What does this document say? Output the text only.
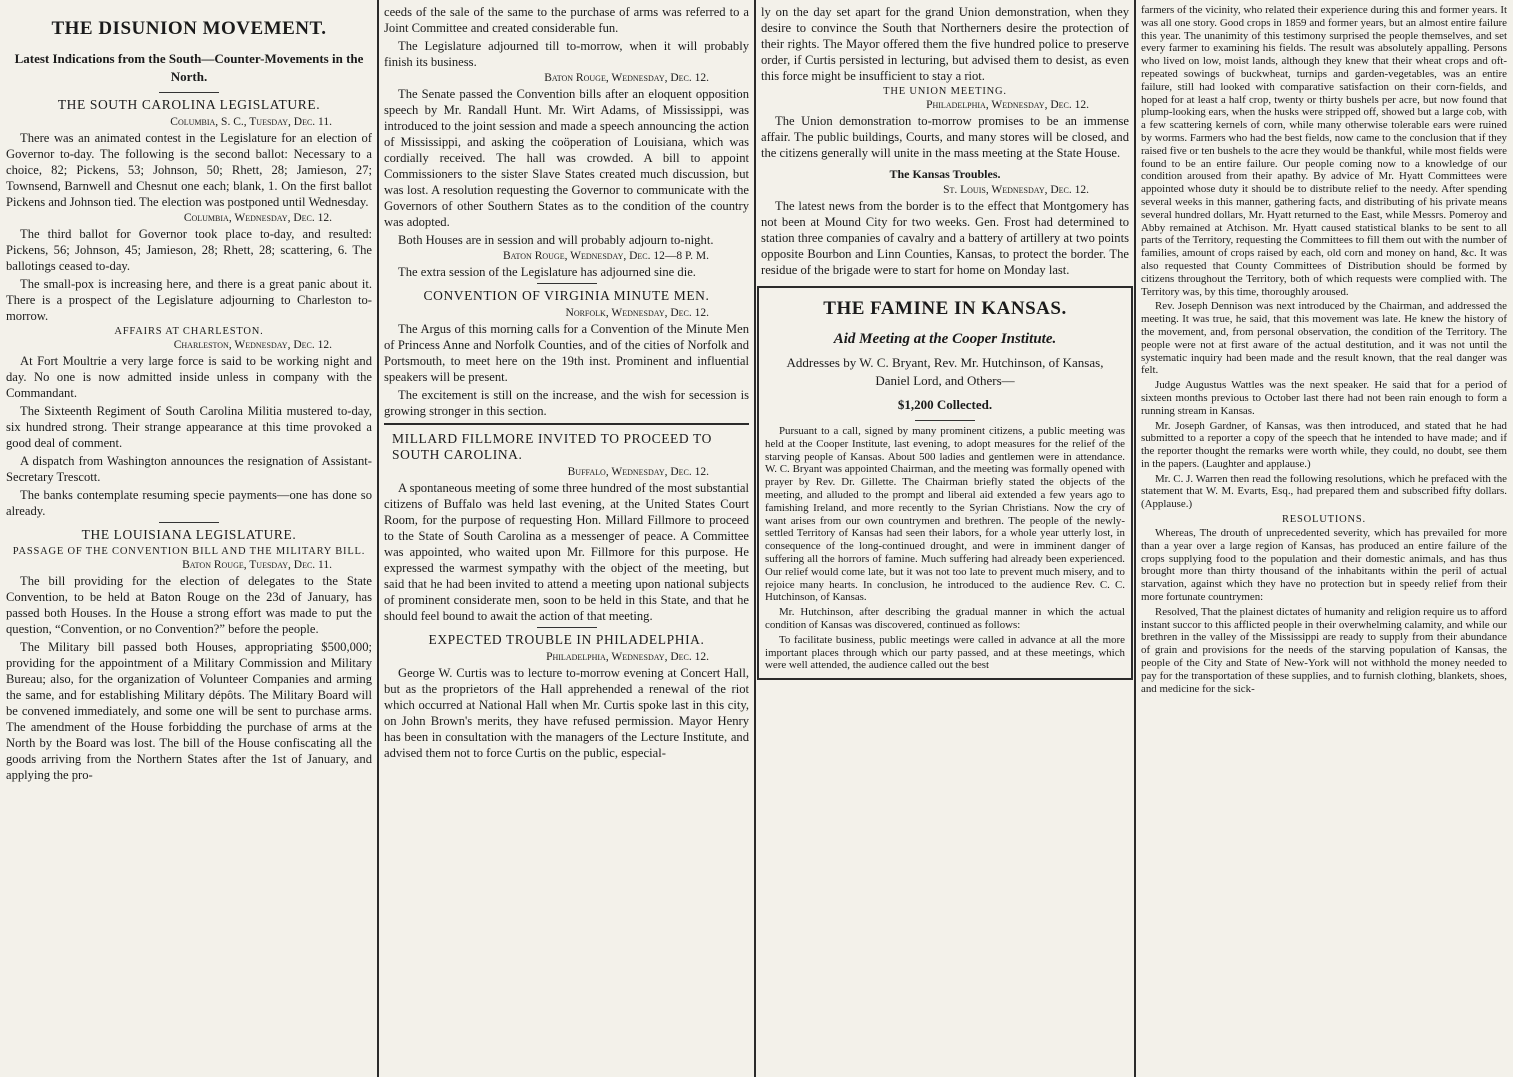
THE DISUNION MOVEMENT.
Latest Indications from the South—Counter-Movements in the North.
THE SOUTH CAROLINA LEGISLATURE.
Columbia, S. C., Tuesday, Dec. 11.

There was an animated contest in the Legislature for an election of Governor to-day. The following is the second ballot: Necessary to a choice, 82; Pickens, 53; Johnson, 50; Rhett, 28; Jamieson, 27; Townsend, Barnwell and Chesnut one each; blank, 1. On the first ballot Pickens and Johnson tied. The election was postponed until Wednesday.

Columbia, Wednesday, Dec. 12.

The third ballot for Governor took place to-day, and resulted: Pickens, 56; Johnson, 45; Jamieson, 28; Rhett, 28; scattering, 6. The ballotings ceased to-day.

The small-pox is increasing here, and there is a great panic about it. There is a prospect of the Legislature adjourning to Charleston to-morrow.

AFFAIRS AT CHARLESTON.
Charleston, Wednesday, Dec. 12.

At Fort Moultrie a very large force is said to be working night and day. No one is now admitted inside unless in company with the Commandant.

The Sixteenth Regiment of South Carolina Militia mustered to-day, six hundred strong. Their strange appearance at this time provoked a good deal of comment.

A dispatch from Washington announces the resignation of Assistant-Secretary Trescott.

The banks contemplate resuming specie payments—one has done so already.

THE LOUISIANA LEGISLATURE.
PASSAGE OF THE CONVENTION BILL AND THE MILITARY BILL.
Baton Rouge, Tuesday, Dec. 11.

The bill providing for the election of delegates to the State Convention, to be held at Baton Rouge on the 23d of January, has passed both Houses. In the House a strong effort was made to put the question, “Convention, or no Convention?” before the people.

The Military bill passed both Houses, appropriating $500,000; providing for the appointment of a Military Commission and Military Bureau; also, for the organization of Volunteer Companies and arming the same, and for establishing Military dépôts. The Military Board will be convened immediately, and some one will be sent to purchase arms. The amendment of the House forbidding the purchase of arms at the North by the Board was lost. The bill of the House confiscating all the goods arriving from the Northern States after the 1st of January, and applying the pro-

ceeds of the sale of the same to the purchase of arms was referred to a Joint Committee and created considerable fun.

The Legislature adjourned till to-morrow, when it will probably finish its business.

Baton Rouge, Wednesday, Dec. 12.

The Senate passed the Convention bills after an eloquent opposition speech by Mr. Randall Hunt. Mr. Wirt Adams, of Mississippi, was introduced to the joint session and made a speech announcing the action of Mississippi, and asking the coöperation of Louisiana, which was cordially received. The hall was crowded. A bill to appoint Commissioners to the sister Slave States created much discussion, but was lost. A resolution requesting the Governor to communicate with the Governors of other Southern States as to the condition of the country was adopted.

Both Houses are in session and will probably adjourn to-night.

Baton Rouge, Wednesday, Dec. 12—8 P. M.

The extra session of the Legislature has adjourned sine die.

CONVENTION OF VIRGINIA MINUTE MEN.
Norfolk, Wednesday, Dec. 12.

The Argus of this morning calls for a Convention of the Minute Men of Princess Anne and Norfolk Counties, and of the cities of Norfolk and Portsmouth, to meet here on the 19th inst. Prominent and influential speakers will be present.

The excitement is still on the increase, and the wish for secession is growing stronger in this section.

MILLARD FILLMORE INVITED TO PROCEED TO SOUTH CAROLINA.
Buffalo, Wednesday, Dec. 12.

A spontaneous meeting of some three hundred of the most substantial citizens of Buffalo was held last evening, at the United States Court Room, for the purpose of requesting Hon. Millard Fillmore to proceed to the State of South Carolina as a messenger of peace. A Committee was appointed, who waited upon Mr. Fillmore for this purpose. He expressed the warmest sympathy with the object of the meeting, but said that he had been invited to attend a meeting upon national subjects of prominent considerate men, soon to be held in this State, and that he should feel bound to await the action of that meeting.

EXPECTED TROUBLE IN PHILADELPHIA.
Philadelphia, Wednesday, Dec. 12.

George W. Curtis was to lecture to-morrow evening at Concert Hall, but as the proprietors of the Hall apprehended a renewal of the riot which occurred at National Hall when Mr. Curtis spoke last in this city, on John Brown's merits, they have refused permission. Mayor Henry has been in consultation with the managers of the Lecture Institute, and advised them not to force Curtis on the public, especial-

ly on the day set apart for the grand Union demonstration, when they desire to convince the South that Northerners desire the protection of their rights. The Mayor offered them the five hundred police to preserve order, if Curtis persisted in lecturing, but advised them to desist, as even this force might be insufficient to stay a riot.

THE UNION MEETING.
Philadelphia, Wednesday, Dec. 12.

The Union demonstration to-morrow promises to be an immense affair. The public buildings, Courts, and many stores will be closed, and the citizens generally will unite in the mass meeting at the State House.

The Kansas Troubles.
St. Louis, Wednesday, Dec. 12.

The latest news from the border is to the effect that Montgomery has not been at Mound City for two weeks. Gen. Frost had determined to station three companies of cavalry and a battery of artillery at two points opposite Bourbon and Linn Counties, Kansas, to protect the border. The residue of the brigade were to start for home on Monday last.

THE FAMINE IN KANSAS.
Aid Meeting at the Cooper Institute.
Addresses by W. C. Bryant, Rev. Mr. Hutchinson, of Kansas, Daniel Lord, and Others—
$1,200 Collected.

Pursuant to a call, signed by many prominent citizens, a public meeting was held at the Cooper Institute, last evening, to adopt measures for the relief of the starving people of Kansas. About 500 ladies and gentlemen were in attendance. W. C. Bryant was appointed Chairman, and the meeting was formally opened with prayer by Rev. Dr. Gillette. The Chairman briefly stated the objects of the meeting, and alluded to the prompt and liberal aid extended a few years ago to famishing Ireland, and more recently to the Syrian Christians. Now the cry of want arises from our own countrymen and brethren. The people of the newly-settled Territory of Kansas had seen their labors, for a whole year utterly lost, in consequence of the long-continued drought, and were in imminent danger of suffering all the horrors of famine. Much suffering had already been experienced. Our relief would come late, but it was not too late to prevent much misery, and to rejoice many hearts. In conclusion, he introduced to the audience Rev. C. C. Hutchinson, of Kansas.

Mr. Hutchinson, after describing the gradual manner in which the actual condition of Kansas was discovered, continued as follows:

To facilitate business, public meetings were called in advance at all the more important places through which our party passed, and at these meetings, which were well attended, the audience called out the best

farmers of the vicinity, who related their experience during this and former years. It was all one story. Good crops in 1859 and former years, but an almost entire failure this year. The unanimity of this testimony surprised the people themselves, and set every farmer to examining his fields. The result was absolutely appalling. Persons who lived on low, moist lands, although they knew that their wheat crops and oft-repeated sowings of buckwheat, turnips and garden-vegetables, was an entire failure, still had looked with comparative satisfaction on their corn-fields, and hoped for at least a half crop, twenty or thirty bushels per acre, but now found that plump-looking ears, when the husks were stripped off, showed but a large cob, with a few scattering kernels of corn, while many otherwise tolerable ears were ruined by worms. Farmers who had the best fields, now came to the conclusion that if they raised five or ten bushels to the acre they would be thankful, while most fields were found to be an entire failure. Our people coming now to a knowledge of our condition aroused from their apathy. By advice of Mr. Hyatt Committees were appointed whose duty it should be to distribute relief to the needy. After spending several weeks in this manner, gathering facts, and distributing of his private means several hundred dollars, Mr. Hyatt returned to the East, while Messrs. Pomeroy and Abby remained at Atchison. Mr. Hyatt caused statistical blanks to be sent to all parts of the Territory, requesting the Committees to fill them out with the number of families, amount of crops raised by each, old corn and money on hand, &c. It was also requested that County Committees of Distribution should be formed by citizens throughout the Territory, both of which requests were complied with. The Territory was, by this time, thoroughly aroused.

Rev. Joseph Dennison was next introduced by the Chairman, and addressed the meeting. It was true, he said, that this movement was late. He knew the history of the movement, and, from personal observation, the condition of the Territory. The people were not at first aware of the actual destitution, and it was not until the systematic inquiry had been made and the result known, that the real danger was felt.

Judge Augustus Wattles was the next speaker. He said that for a period of sixteen months previous to October last there had not been rain enough to form a running stream in Kansas.

Mr. Joseph Gardner, of Kansas, was then introduced, and stated that he had submitted to a reporter a copy of the speech that he intended to have made; and if the reporter thought the remarks were worth while, they could, no doubt, see them in the papers. (Laughter and applause.)

Mr. C. J. Warren then read the following resolutions, which he prefaced with the statement that W. M. Evarts, Esq., had prepared them and subscribed fifty dollars. (Applause.)

RESOLUTIONS.

Whereas, The drouth of unprecedented severity, which has prevailed for more than a year over a large region of Kansas, has produced an entire failure of the crops supplying food to the population and their domestic animals, and has thus brought more than thirty thousand of the inhabitants within the peril of actual starvation, against which they have no protection but in speedy relief from their more fortunate countrymen:

Resolved, That the plainest dictates of humanity and religion require us to afford instant succor to this afflicted people in their overwhelming calamity, and while our brethren in the valley of the Mississippi are ready to supply from their abundance of grain and provisions for the needs of the starving population of Kansas, the people of the City and State of New-York will not withhold the money needed to pay for the transportation of these supplies, and to furnish clothing, blankets, shoes, and medicine for the sick-
